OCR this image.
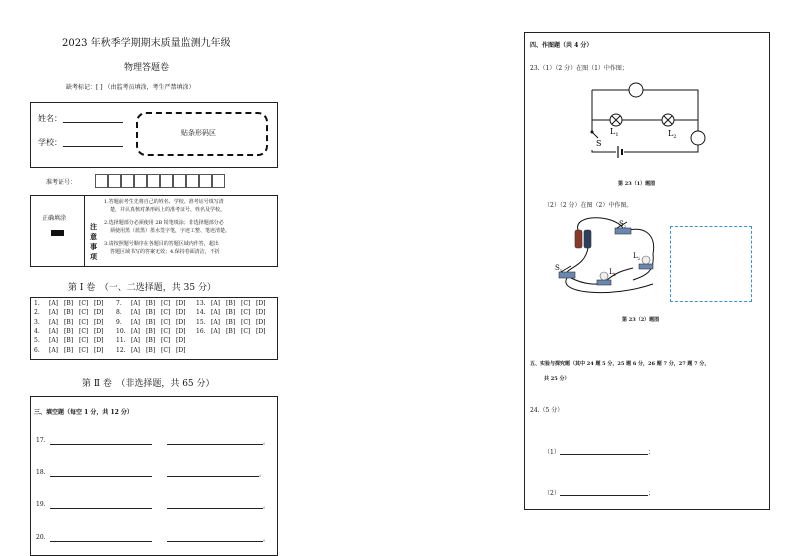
2023 年秋季学期期末质量监测九年级
物理答题卷
缺考标记：[ ] （由监考员填涂，考生严禁填涂）
姓名：
学校：
贴条形码区
准考证号：
正确填涂
注
意
事
项
1.答题前考生先将自己的姓名、学校、准考证号填写清
楚，并认真核对条形码上的准考证号、姓名及学校。
2.选择题部分必须使用 2B 铅笔填涂；非选择题部分必
须使用黑（蓝黑）墨水签字笔，字迹工整、笔迹清楚。
3.请按照题号顺序在各题目的答题区域内作答，超出
答题区域书写的答案无效；4.保持卷面清洁，不折
第 Ⅰ 卷　（一、二选择题，共 35 分）
1. [A] [B] [C] [D]
2. [A] [B] [C] [D]
3. [A] [B] [C] [D]
4. [A] [B] [C] [D]
5. [A] [B] [C] [D]
6. [A] [B] [C] [D]
7. [A] [B] [C] [D]
8. [A] [B] [C] [D]
9. [A] [B] [C] [D]
10. [A] [B] [C] [D]
11. [A] [B] [C] [D]
12. [A] [B] [C] [D]
13. [A] [B] [C] [D]
14. [A] [B] [C] [D]
15. [A] [B] [C] [D]
16. [A] [B] [C] [D]
第 Ⅱ 卷　（非选择题，共 65 分）
三、填空题（每空 1 分，共 12 分）
17.	。
18.	。
19.	。
20.	。
四、作图题（共 4 分）
23.（1）（2 分）在图（1）中作图；
$L_1$	$L_2$
S
第 23（1）题图
（2）（2 分）在图（2）中作图。
$S_2$
$S_1$	$L_1$
$L_2$
第 23（2）题图
五、实验与探究题（其中 24 题 5 分，25 题 6 分，26 题 7 分，27 题 7 分，
共 25 分）
24.（5 分）
（1）	；
（2）	；
